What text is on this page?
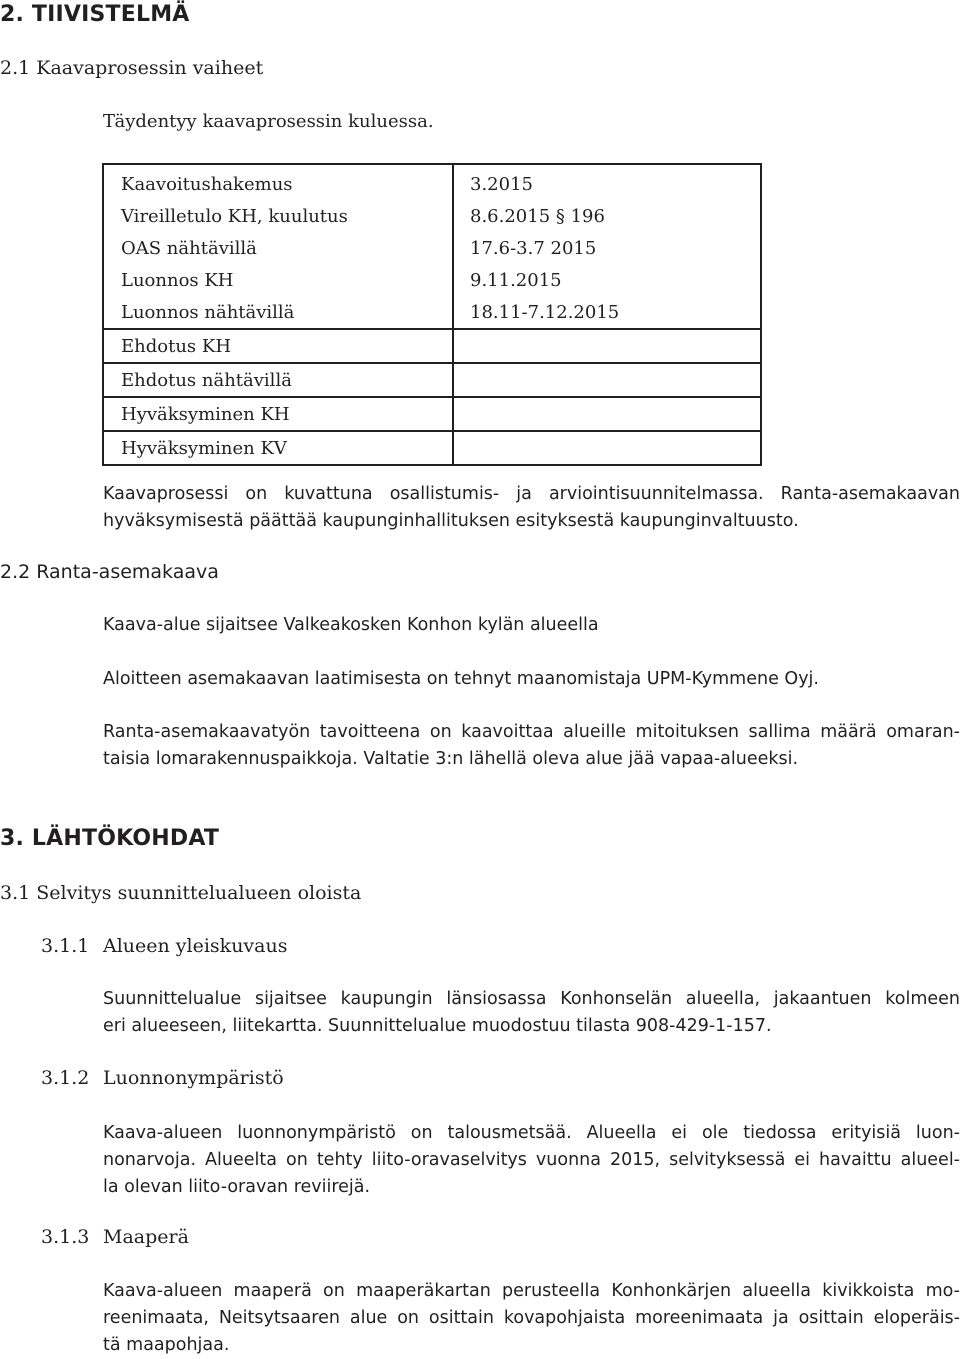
2. TIIVISTELMÄ
2.1 Kaavaprosessin vaiheet
Täydentyy kaavaprosessin kuluessa.
Kaavoitushakemus	3.2015
Vireilletulo KH, kuulutus	8.6.2015 § 196
OAS nähtävillä	17.6-3.7 2015
Luonnos KH	9.11.2015
Luonnos nähtävillä	18.11-7.12.2015
Ehdotus KH	
Ehdotus nähtävillä	
Hyväksyminen KH	
Hyväksyminen KV	
Kaavaprosessi on kuvattuna osallistumis- ja arviointisuunnitelmassa. Ranta-asemakaavan
hyväksymisestä päättää kaupunginhallituksen esityksestä kaupunginvaltuusto.
2.2 Ranta-asemakaava
Kaava-alue sijaitsee Valkeakosken Konhon kylän alueella
Aloitteen asemakaavan laatimisesta on tehnyt maanomistaja UPM-Kymmene Oyj.
Ranta-asemakaavatyön tavoitteena on kaavoittaa alueille mitoituksen sallima määrä omaran-
taisia lomarakennuspaikkoja. Valtatie 3:n lähellä oleva alue jää vapaa-alueeksi.
3. LÄHTÖKOHDAT
3.1 Selvitys suunnittelualueen oloista
3.1.1 Alueen yleiskuvaus
Suunnittelualue sijaitsee kaupungin länsiosassa Konhonselän alueella, jakaantuen kolmeen
eri alueeseen, liitekartta. Suunnittelualue muodostuu tilasta 908-429-1-157.
3.1.2 Luonnonympäristö
Kaava-alueen luonnonympäristö on talousmetsää. Alueella ei ole tiedossa erityisiä luon-
nonarvoja. Alueelta on tehty liito-oravaselvitys vuonna 2015, selvityksessä ei havaittu alueel-
la olevan liito-oravan reviirejä.
3.1.3 Maaperä
Kaava-alueen maaperä on maaperäkartan perusteella Konhonkärjen alueella kivikkoista mo-
reenimaata, Neitsytsaaren alue on osittain kovapohjaista moreenimaata ja osittain eloperäis-
tä maapohjaa.
